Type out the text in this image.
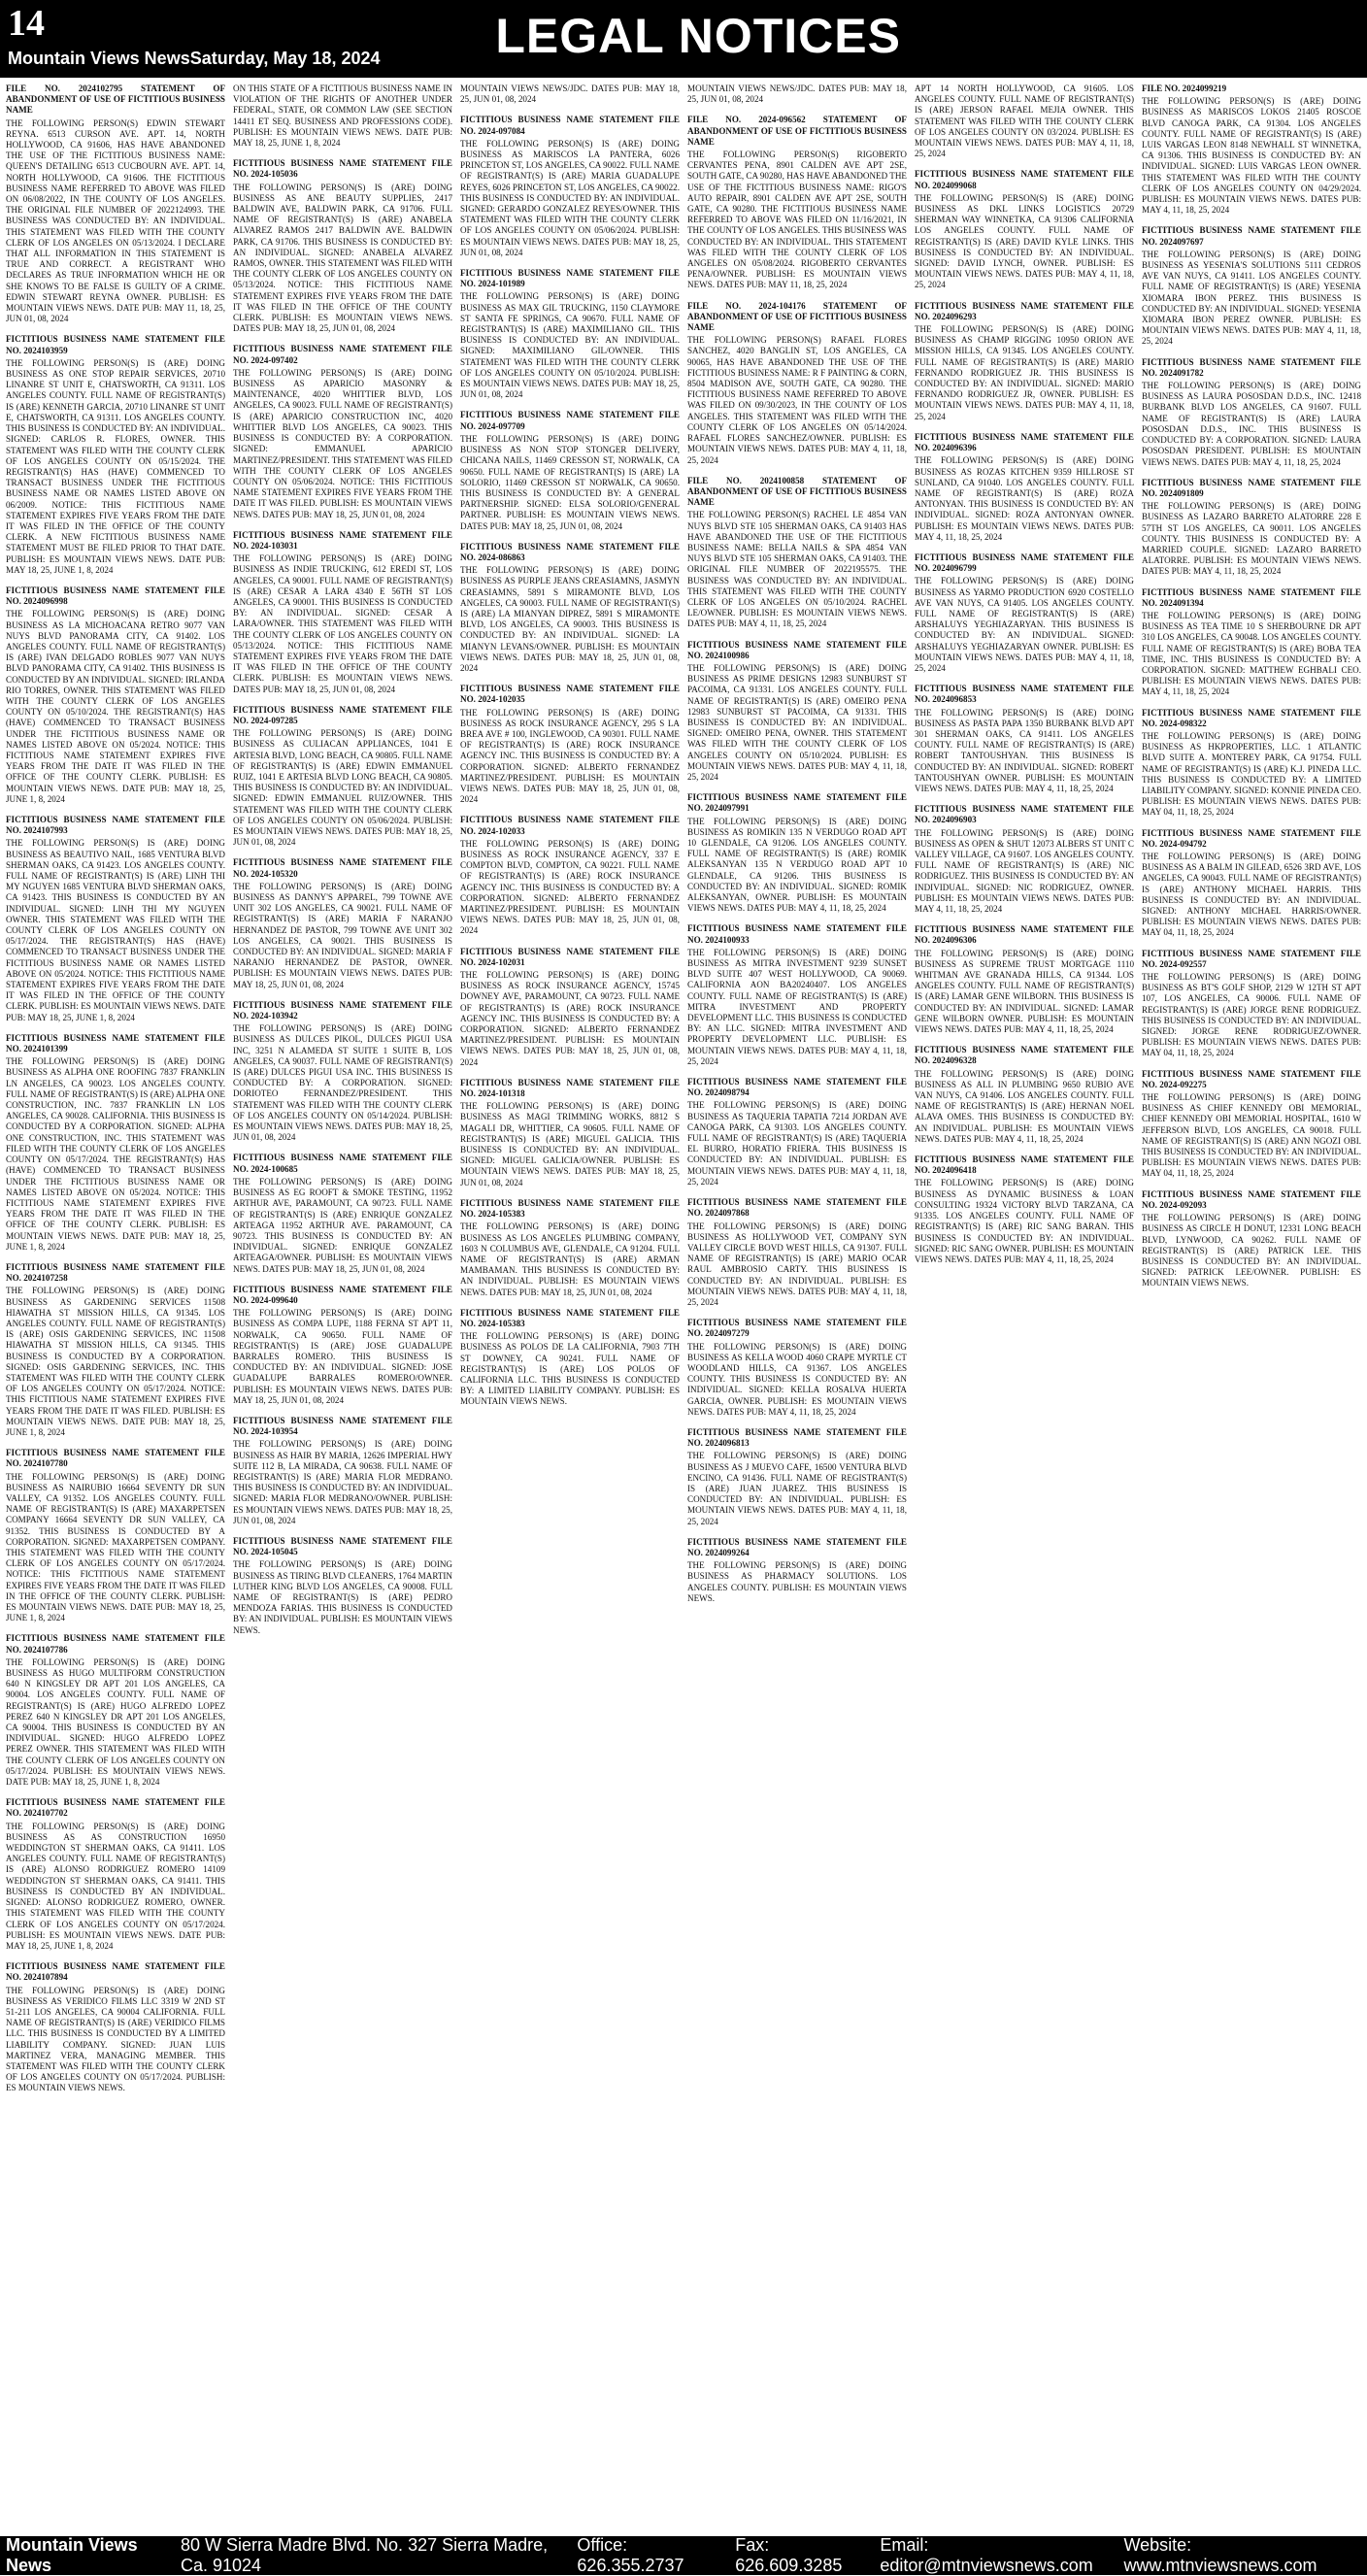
14
Mountain Views NewsSaturday, May 18, 2024 LEGAL NOTICES
FILE NO. 2024102795 STATEMENT OF ABANDONMENT OF USE OF FICTITIOUS BUSINESS NAME
THE FOLLOWING PERSON(S) EDWIN STEWART REYNA. 6513 CURSON AVE. APT. 14, NORTH HOLLYWOOD, CA 91606, HAS HAVE ABANDONED THE USE OF THE FICTITIOUS BUSINESS NAME: QUEEN'S DETAILING 6513 CUCBOURN AVE. APT. 14, NORTH HOLLYWOOD, CA 91606. THE FICTITIOUS BUSINESS NAME REFERRED TO ABOVE WAS FILED ON 06/08/2022, IN THE COUNTY OF LOS ANGELES. THE ORIGINAL FILE NUMBER OF 2022124993. THE BUSINESS WAS CONDUCTED BY: AN INDIVIDUAL. THIS STATEMENT WAS FILED WITH THE COUNTY CLERK OF LOS ANGELES ON 05/13/2024. I DECLARE THAT ALL INFORMATION IN THIS STATEMENT IS TRUE AND CORRECT. A REGISTRANT WHO DECLARES AS TRUE INFORMATION WHICH HE OR SHE KNOWS TO BE FALSE IS GUILTY OF A CRIME. EDWIN STEWART REYNA OWNER. PUBLISH: ES MOUNTAIN VIEWS NEWS. DATE PUB: MAY 11, 18, 25, JUN 01, 08, 2024
FICTITIOUS BUSINESS NAME STATEMENT FILE NO. 2024103959
THE FOLLOWING PERSON(S) IS (ARE) DOING BUSINESS AS ONE STOP REPAIR SERVICES, 20710 LINANRE ST UNIT E, CHATSWORTH, CA 91311. LOS ANGELES COUNTY. FULL NAME OF REGISTRANT(S) IS (ARE) KENNETH GARCIA, 20710 LINANRE ST UNIT E, CHATSWORTH, CA 91311. LOS ANGELES COUNTY. THIS BUSINESS IS CONDUCTED BY: AN INDIVIDUAL. SIGNED: CARLOS R. FLORES, OWNER. THIS STATEMENT WAS FILED WITH THE COUNTY CLERK OF LOS ANGELES COUNTY ON 05/15/2024. THE REGISTRANT(S) HAS (HAVE) COMMENCED TO TRANSACT BUSINESS UNDER THE FICTITIOUS BUSINESS NAME OR NAMES LISTED ABOVE ON 06/2009. NOTICE: THIS FICTITIOUS NAME STATEMENT EXPIRES FIVE YEARS FROM THE DATE IT WAS FILED IN THE OFFICE OF THE COUNTY CLERK. A NEW FICTITIOUS BUSINESS NAME STATEMENT MUST BE FILED PRIOR TO THAT DATE. PUBLISH: ES MOUNTAIN VIEWS NEWS. DATE PUB: MAY 18, 25, JUNE 1, 8, 2024
FICTITIOUS BUSINESS NAME STATEMENT FILE NO. 2024096998
THE FOLLOWING PERSON(S) IS (ARE) DOING BUSINESS AS LA MICHOACANA RETRO 9077 VAN NUYS BLVD PANORAMA CITY, CA 91402. LOS ANGELES COUNTY. FULL NAME OF REGISTRANT(S) IS (ARE) IVAN DELGADO ROBLES 9077 VAN NUYS BLVD PANORAMA CITY, CA 91402. THIS BUSINESS IS CONDUCTED BY AN INDIVIDUAL. SIGNED: IRLANDA RIO TORRES, OWNER. THIS STATEMENT WAS FILED WITH THE COUNTY CLERK OF LOS ANGELES COUNTY ON 05/10/2024. THE REGISTRANT(S) HAS (HAVE) COMMENCED TO TRANSACT BUSINESS UNDER THE FICTITIOUS BUSINESS NAME OR NAMES LISTED ABOVE ON 05/2024. NOTICE: THIS FICTITIOUS NAME STATEMENT EXPIRES FIVE YEARS FROM THE DATE IT WAS FILED IN THE OFFICE OF THE COUNTY CLERK. PUBLISH: ES MOUNTAIN VIEWS NEWS. DATE PUB: MAY 18, 25, JUNE 1, 8, 2024
FICTITIOUS BUSINESS NAME STATEMENT FILE NO. 2024107993
THE FOLLOWING PERSON(S) IS (ARE) DOING BUSINESS AS BEAUTIVO NAIL, 1685 VENTURA BLVD SHERMAN OAKS, CA 91423. LOS ANGELES COUNTY. FULL NAME OF REGISTRANT(S) IS (ARE) LINH THI MY NGUYEN 1685 VENTURA BLVD SHERMAN OAKS, CA 91423. THIS BUSINESS IS CONDUCTED BY AN INDIVIDUAL. SIGNED: LINH THI MY NGUYEN OWNER. THIS STATEMENT WAS FILED WITH THE COUNTY CLERK OF LOS ANGELES COUNTY ON 05/17/2024. THE REGISTRANT(S) HAS (HAVE) COMMENCED TO TRANSACT BUSINESS UNDER THE FICTITIOUS BUSINESS NAME OR NAMES LISTED ABOVE ON 05/2024. NOTICE: THIS FICTITIOUS NAME STATEMENT EXPIRES FIVE YEARS FROM THE DATE IT WAS FILED IN THE OFFICE OF THE COUNTY CLERK. PUBLISH: ES MOUNTAIN VIEWS NEWS. DATE PUB: MAY 18, 25, JUNE 1, 8, 2024
FICTITIOUS BUSINESS NAME STATEMENT FILE NO. 2024101399
THE FOLLOWING PERSON(S) IS (ARE) DOING BUSINESS AS ALPHA ONE ROOFING 7837 FRANKLIN LN ANGELES, CA 90023. LOS ANGELES COUNTY. FULL NAME OF REGISTRANT(S) IS (ARE) ALPHA ONE CONSTRUCTION, INC. 7837 FRANKLIN LN LOS ANGELES, CA 90028. CALIFORNIA. THIS BUSINESS IS CONDUCTED BY A CORPORATION. SIGNED: ALPHA ONE CONSTRUCTION, INC. THIS STATEMENT WAS FILED WITH THE COUNTY CLERK OF LOS ANGELES COUNTY ON 05/17/2024. THE REGISTRANT(S) HAS (HAVE) COMMENCED TO TRANSACT BUSINESS UNDER THE FICTITIOUS BUSINESS NAME OR NAMES LISTED ABOVE ON 05/2024. NOTICE: THIS FICTITIOUS NAME STATEMENT EXPIRES FIVE YEARS FROM THE DATE IT WAS FILED IN THE OFFICE OF THE COUNTY CLERK. PUBLISH: ES MOUNTAIN VIEWS NEWS. DATE PUB: MAY 18, 25, JUNE 1, 8, 2024
FICTITIOUS BUSINESS NAME STATEMENT FILE NO. 2024107258
THE FOLLOWING PERSON(S) IS (ARE) DOING BUSINESS AS GARDENING SERVICES 11508 HIAWATHA ST MISSION HILLS, CA 91345. LOS ANGELES COUNTY. FULL NAME OF REGISTRANT(S) IS (ARE) OSIS GARDENING SERVICES, INC 11508 HIAWATHA ST MISSION HILLS, CA 91345. THIS BUSINESS IS CONDUCTED BY A CORPORATION. SIGNED: OSIS GARDENING SERVICES, INC. THIS STATEMENT WAS FILED WITH THE COUNTY CLERK OF LOS ANGELES COUNTY ON 05/17/2024. NOTICE: THIS FICTITIOUS NAME STATEMENT EXPIRES FIVE YEARS FROM THE DATE IT WAS FILED. PUBLISH: ES MOUNTAIN VIEWS NEWS. DATE PUB: MAY 18, 25, JUNE 1, 8, 2024
FICTITIOUS BUSINESS NAME STATEMENT FILE NO. 2024107780
THE FOLLOWING PERSON(S) IS (ARE) DOING BUSINESS AS NAIRUBIO 16664 SEVENTY DR SUN VALLEY, CA 91352. LOS ANGELES COUNTY. FULL NAME OF REGISTRANT(S) IS (ARE) MAXARPETSEN COMPANY 16664 SEVENTY DR SUN VALLEY, CA 91352. THIS BUSINESS IS CONDUCTED BY A CORPORATION. SIGNED: MAXARPETSEN COMPANY. THIS STATEMENT WAS FILED WITH THE COUNTY CLERK OF LOS ANGELES COUNTY ON 05/17/2024. NOTICE: THIS FICTITIOUS NAME STATEMENT EXPIRES FIVE YEARS FROM THE DATE IT WAS FILED IN THE OFFICE OF THE COUNTY CLERK. PUBLISH: ES MOUNTAIN VIEWS NEWS. DATE PUB: MAY 18, 25, JUNE 1, 8, 2024
FICTITIOUS BUSINESS NAME STATEMENT FILE NO. 2024107786
THE FOLLOWING PERSON(S) IS (ARE) DOING BUSINESS AS HUGO MULTIFORM CONSTRUCTION 640 N KINGSLEY DR APT 201 LOS ANGELES, CA 90004. LOS ANGELES COUNTY. FULL NAME OF REGISTRANT(S) IS (ARE) HUGO ALFREDO LOPEZ PEREZ 640 N KINGSLEY DR APT 201 LOS ANGELES, CA 90004. THIS BUSINESS IS CONDUCTED BY AN INDIVIDUAL. SIGNED: HUGO ALFREDO LOPEZ PEREZ OWNER. THIS STATEMENT WAS FILED WITH THE COUNTY CLERK OF LOS ANGELES COUNTY ON 05/17/2024. PUBLISH: ES MOUNTAIN VIEWS NEWS. DATE PUB: MAY 18, 25, JUNE 1, 8, 2024
FICTITIOUS BUSINESS NAME STATEMENT FILE NO. 2024107702
THE FOLLOWING PERSON(S) IS (ARE) DOING BUSINESS AS AS CONSTRUCTION 16950 WEDDINGTON ST SHERMAN OAKS, CA 91411. LOS ANGELES COUNTY. FULL NAME OF REGISTRANT(S) IS (ARE) ALONSO RODRIGUEZ ROMERO 14109 WEDDINGTON ST SHERMAN OAKS, CA 91411. THIS BUSINESS IS CONDUCTED BY AN INDIVIDUAL. SIGNED: ALONSO RODRIGUEZ ROMERO, OWNER. THIS STATEMENT WAS FILED WITH THE COUNTY CLERK OF LOS ANGELES COUNTY ON 05/17/2024. PUBLISH: ES MOUNTAIN VIEWS NEWS. DATE PUB: MAY 18, 25, JUNE 1, 8, 2024
FICTITIOUS BUSINESS NAME STATEMENT FILE NO. 2024107894
THE FOLLOWING PERSON(S) IS (ARE) DOING BUSINESS AS VERIDICO FILMS LLC 3319 W 2ND ST 51-211 LOS ANGELES, CA 90004 CALIFORNIA. FULL NAME OF REGISTRANT(S) IS (ARE) VERIDICO FILMS LLC. THIS BUSINESS IS CONDUCTED BY A LIMITED LIABILITY COMPANY. SIGNED: JUAN LUIS MARTINEZ VERA, MANAGING MEMBER. THIS STATEMENT WAS FILED WITH THE COUNTY CLERK OF LOS ANGELES COUNTY ON 05/17/2024. PUBLISH: ES MOUNTAIN VIEWS NEWS.
ON THIS STATE OF A FICTITIOUS BUSINESS NAME IN VIOLATION OF THE RIGHTS OF ANOTHER UNDER FEDERAL, STATE, OR COMMON LAW (SEE SECTION 14411 ET SEQ. BUSINESS AND PROFESSIONS CODE). PUBLISH: ES MOUNTAIN VIEWS NEWS. DATE PUB: MAY 18, 25, JUNE 1, 8, 2024
FICTITIOUS BUSINESS NAME STATEMENT FILE NO. 2024-105036
THE FOLLOWING PERSON(S) IS (ARE) DOING BUSINESS AS ANE BEAUTY SUPPLIES, 2417 BALDWIN AVE, BALDWIN PARK, CA 91706. FULL NAME OF REGISTRANT(S) IS (ARE) ANABELA ALVAREZ RAMOS 2417 BALDWIN AVE. BALDWIN PARK, CA 91706. THIS BUSINESS IS CONDUCTED BY: AN INDIVIDUAL. SIGNED: ANABELA ALVAREZ RAMOS, OWNER. THIS STATEMENT WAS FILED WITH THE COUNTY CLERK OF LOS ANGELES COUNTY ON 05/13/2024. NOTICE: THIS FICTITIOUS NAME STATEMENT EXPIRES FIVE YEARS FROM THE DATE IT WAS FILED IN THE OFFICE OF THE COUNTY CLERK. PUBLISH: ES MOUNTAIN VIEWS NEWS. DATES PUB: MAY 18, 25, JUN 01, 08, 2024
FICTITIOUS BUSINESS NAME STATEMENT FILE NO. 2024-097402
THE FOLLOWING PERSON(S) IS (ARE) DOING BUSINESS AS APARICIO MASONRY & MAINTENANCE, 4020 WHITTIER BLVD, LOS ANGELES, CA 90023. FULL NAME OF REGISTRANT(S) IS (ARE) APARICIO CONSTRUCTION INC, 4020 WHITTIER BLVD LOS ANGELES, CA 90023. THIS BUSINESS IS CONDUCTED BY: A CORPORATION. SIGNED: EMMANUEL APARICIO MARTINEZ/PRESIDENT. THIS STATEMENT WAS FILED WITH THE COUNTY CLERK OF LOS ANGELES COUNTY ON 05/06/2024. NOTICE: THIS FICTITIOUS NAME STATEMENT EXPIRES FIVE YEARS FROM THE DATE IT WAS FILED. PUBLISH: ES MOUNTAIN VIEWS NEWS. DATES PUB: MAY 18, 25, JUN 01, 08, 2024
FICTITIOUS BUSINESS NAME STATEMENT FILE NO. 2024-103031
THE FOLLOWING PERSON(S) IS (ARE) DOING BUSINESS AS INDIE TRUCKING, 612 EREDI ST, LOS ANGELES, CA 90001. FULL NAME OF REGISTRANT(S) IS (ARE) CESAR A LARA 4340 E 56TH ST LOS ANGELES, CA 90001. THIS BUSINESS IS CONDUCTED BY: AN INDIVIDUAL. SIGNED: CESAR A LARA/OWNER. THIS STATEMENT WAS FILED WITH THE COUNTY CLERK OF LOS ANGELES COUNTY ON 05/13/2024. NOTICE: THIS FICTITIOUS NAME STATEMENT EXPIRES FIVE YEARS FROM THE DATE IT WAS FILED IN THE OFFICE OF THE COUNTY CLERK. PUBLISH: ES MOUNTAIN VIEWS NEWS. DATES PUB: MAY 18, 25, JUN 01, 08, 2024
FICTITIOUS BUSINESS NAME STATEMENT FILE NO. 2024-097285
THE FOLLOWING PERSON(S) IS (ARE) DOING BUSINESS AS CULIACAN APPLIANCES, 1041 E ARTESIA BLVD, LONG BEACH, CA 90805. FULL NAME OF REGISTRANT(S) IS (ARE) EDWIN EMMANUEL RUIZ, 1041 E ARTESIA BLVD LONG BEACH, CA 90805. THIS BUSINESS IS CONDUCTED BY: AN INDIVIDUAL. SIGNED: EDWIN EMMANUEL RUIZ/OWNER. THIS STATEMENT WAS FILED WITH THE COUNTY CLERK OF LOS ANGELES COUNTY ON 05/06/2024. PUBLISH: ES MOUNTAIN VIEWS NEWS. DATES PUB: MAY 18, 25, JUN 01, 08, 2024
FICTITIOUS BUSINESS NAME STATEMENT FILE NO. 2024-105320
THE FOLLOWING PERSON(S) IS (ARE) DOING BUSINESS AS DANNY'S APPAREL, 799 TOWNE AVE UNIT 302 LOS ANGELES, CA 90021. FULL NAME OF REGISTRANT(S) IS (ARE) MARIA F NARANJO HERNANDEZ DE PASTOR, 799 TOWNE AVE UNIT 302 LOS ANGELES, CA 90021. THIS BUSINESS IS CONDUCTED BY: AN INDIVIDUAL. SIGNED: MARIA F NARANJO HERNANDEZ DE PASTOR, OWNER. PUBLISH: ES MOUNTAIN VIEWS NEWS. DATES PUB: MAY 18, 25, JUN 01, 08, 2024
FICTITIOUS BUSINESS NAME STATEMENT FILE NO. 2024-103942
THE FOLLOWING PERSON(S) IS (ARE) DOING BUSINESS AS DULCES PIKOL, DULCES PIGUI USA INC, 3251 N ALAMEDA ST SUITE 1 SUITE B, LOS ANGELES, CA 90037. FULL NAME OF REGISTRANT(S) IS (ARE) DULCES PIGUI USA INC. THIS BUSINESS IS CONDUCTED BY: A CORPORATION. SIGNED: DORIOTEO FERNANDEZ/PRESIDENT. THIS STATEMENT WAS FILED WITH THE COUNTY CLERK OF LOS ANGELES COUNTY ON 05/14/2024. PUBLISH: ES MOUNTAIN VIEWS NEWS. DATES PUB: MAY 18, 25, JUN 01, 08, 2024
FICTITIOUS BUSINESS NAME STATEMENT FILE NO. 2024-100685
THE FOLLOWING PERSON(S) IS (ARE) DOING BUSINESS AS EG ROOFT & SMOKE TESTING, 11952 ARTHUR AVE, PARAMOUNT, CA 90723. FULL NAME OF REGISTRANT(S) IS (ARE) ENRIQUE GONZALEZ ARTEAGA 11952 ARTHUR AVE. PARAMOUNT, CA 90723. THIS BUSINESS IS CONDUCTED BY: AN INDIVIDUAL. SIGNED: ENRIQUE GONZALEZ ARTEAGA/OWNER. PUBLISH: ES MOUNTAIN VIEWS NEWS. DATES PUB: MAY 18, 25, JUN 01, 08, 2024
FICTITIOUS BUSINESS NAME STATEMENT FILE NO. 2024-099640
THE FOLLOWING PERSON(S) IS (ARE) DOING BUSINESS AS COMPA LUPE, 1188 FERNA ST APT 11, NORWALK, CA 90650. FULL NAME OF REGISTRANT(S) IS (ARE) JOSE GUADALUPE BARRALES ROMERO. THIS BUSINESS IS CONDUCTED BY: AN INDIVIDUAL. SIGNED: JOSE GUADALUPE BARRALES ROMERO/OWNER. PUBLISH: ES MOUNTAIN VIEWS NEWS. DATES PUB: MAY 18, 25, JUN 01, 08, 2024
FICTITIOUS BUSINESS NAME STATEMENT FILE NO. 2024-103954
THE FOLLOWING PERSON(S) IS (ARE) DOING BUSINESS AS HAIR BY MARIA, 12626 IMPERIAL HWY SUITE 112 B, LA MIRADA, CA 90638. FULL NAME OF REGISTRANT(S) IS (ARE) MARIA FLOR MEDRANO. THIS BUSINESS IS CONDUCTED BY: AN INDIVIDUAL. SIGNED: MARIA FLOR MEDRANO/OWNER. PUBLISH: ES MOUNTAIN VIEWS NEWS. DATES PUB: MAY 18, 25, JUN 01, 08, 2024
FICTITIOUS BUSINESS NAME STATEMENT FILE NO. 2024-105045
THE FOLLOWING PERSON(S) IS (ARE) DOING BUSINESS AS TIRING BLVD CLEANERS, 1764 MARTIN LUTHER KING BLVD LOS ANGELES, CA 90008. FULL NAME OF REGISTRANT(S) IS (ARE) PEDRO MENDOZA FARIAS. THIS BUSINESS IS CONDUCTED BY: AN INDIVIDUAL. PUBLISH: ES MOUNTAIN VIEWS NEWS.
MOUNTAIN VIEWS NEWS/JDC. DATES PUB: MAY 18, 25, JUN 01, 08, 2024
FICTITIOUS BUSINESS NAME STATEMENT FILE NO. 2024-097084
THE FOLLOWING PERSON(S) IS (ARE) DOING BUSINESS AS MARISCOS LA PANTERA, 6026 PRINCETON ST, LOS ANGELES, CA 90022. FULL NAME OF REGISTRANT(S) IS (ARE) MARIA GUADALUPE REYES, 6026 PRINCETON ST, LOS ANGELES, CA 90022. THIS BUSINESS IS CONDUCTED BY: AN INDIVIDUAL. SIGNED: GERARDO GONZALEZ REYES/OWNER. THIS STATEMENT WAS FILED WITH THE COUNTY CLERK OF LOS ANGELES COUNTY ON 05/06/2024. PUBLISH: ES MOUNTAIN VIEWS NEWS. DATES PUB: MAY 18, 25, JUN 01, 08, 2024
FICTITIOUS BUSINESS NAME STATEMENT FILE NO. 2024-101989
THE FOLLOWING PERSON(S) IS (ARE) DOING BUSINESS AS MAX GIL TRUCKING, 1150 CLAYMORE ST SANTA FE SPRINGS, CA 90670. FULL NAME OF REGISTRANT(S) IS (ARE) MAXIMILIANO GIL. THIS BUSINESS IS CONDUCTED BY: AN INDIVIDUAL. SIGNED: MAXIMILIANO GIL/OWNER. THIS STATEMENT WAS FILED WITH THE COUNTY CLERK OF LOS ANGELES COUNTY ON 05/10/2024. PUBLISH: ES MOUNTAIN VIEWS NEWS. DATES PUB: MAY 18, 25, JUN 01, 08, 2024
FICTITIOUS BUSINESS NAME STATEMENT FILE NO. 2024-097709
THE FOLLOWING PERSON(S) IS (ARE) DOING BUSINESS AS NON STOP STONGER DELIVERY, CHICANA NAILS, 11469 CRESSON ST, NORWALK, CA 90650. FULL NAME OF REGISTRANT(S) IS (ARE) LA SOLORIO, 11469 CRESSON ST NORWALK, CA 90650. THIS BUSINESS IS CONDUCTED BY: A GENERAL PARTNERSHIP. SIGNED: ELSA SOLORIO/GENERAL PARTNER. PUBLISH: ES MOUNTAIN VIEWS NEWS. DATES PUB: MAY 18, 25, JUN 01, 08, 2024
FICTITIOUS BUSINESS NAME STATEMENT FILE NO. 2024-086863
THE FOLLOWING PERSON(S) IS (ARE) DOING BUSINESS AS PURPLE JEANS CREASIAMNS, JASMYN CREASIAMNS, 5891 S MIRAMONTE BLVD, LOS ANGELES, CA 90003. FULL NAME OF REGISTRANT(S) IS (ARE) LA MIANYAN DIPREZ, 5891 S MIRAMONTE BLVD, LOS ANGELES, CA 90003. THIS BUSINESS IS CONDUCTED BY: AN INDIVIDUAL. SIGNED: LA MIANYN LEVANS/OWNER. PUBLISH: ES MOUNTAIN VIEWS NEWS. DATES PUB: MAY 18, 25, JUN 01, 08, 2024
FICTITIOUS BUSINESS NAME STATEMENT FILE NO. 2024-102035
THE FOLLOWING PERSON(S) IS (ARE) DOING BUSINESS AS ROCK INSURANCE AGENCY, 295 S LA BREA AVE # 100, INGLEWOOD, CA 90301. FULL NAME OF REGISTRANT(S) IS (ARE) ROCK INSURANCE AGENCY INC. THIS BUSINESS IS CONDUCTED BY: A CORPORATION. SIGNED: ALBERTO FERNANDEZ MARTINEZ/PRESIDENT. PUBLISH: ES MOUNTAIN VIEWS NEWS. DATES PUB: MAY 18, 25, JUN 01, 08, 2024
FICTITIOUS BUSINESS NAME STATEMENT FILE NO. 2024-102033
THE FOLLOWING PERSON(S) IS (ARE) DOING BUSINESS AS ROCK INSURANCE AGENCY, 337 E COMPTON BLVD, COMPTON, CA 90221. FULL NAME OF REGISTRANT(S) IS (ARE) ROCK INSURANCE AGENCY INC. THIS BUSINESS IS CONDUCTED BY: A CORPORATION. SIGNED: ALBERTO FERNANDEZ MARTINEZ/PRESIDENT. PUBLISH: ES MOUNTAIN VIEWS NEWS. DATES PUB: MAY 18, 25, JUN 01, 08, 2024
FICTITIOUS BUSINESS NAME STATEMENT FILE NO. 2024-102031
THE FOLLOWING PERSON(S) IS (ARE) DOING BUSINESS AS ROCK INSURANCE AGENCY, 15745 DOWNEY AVE, PARAMOUNT, CA 90723. FULL NAME OF REGISTRANT(S) IS (ARE) ROCK INSURANCE AGENCY INC. THIS BUSINESS IS CONDUCTED BY: A CORPORATION. SIGNED: ALBERTO FERNANDEZ MARTINEZ/PRESIDENT. PUBLISH: ES MOUNTAIN VIEWS NEWS. DATES PUB: MAY 18, 25, JUN 01, 08, 2024
FICTITIOUS BUSINESS NAME STATEMENT FILE NO. 2024-101318
THE FOLLOWING PERSON(S) IS (ARE) DOING BUSINESS AS MAGI TRIMMING WORKS, 8812 S MAGALI DR, WHITTIER, CA 90605. FULL NAME OF REGISTRANT(S) IS (ARE) MIGUEL GALICIA. THIS BUSINESS IS CONDUCTED BY: AN INDIVIDUAL. SIGNED: MIGUEL GALICIA/OWNER. PUBLISH: ES MOUNTAIN VIEWS NEWS. DATES PUB: MAY 18, 25, JUN 01, 08, 2024
FICTITIOUS BUSINESS NAME STATEMENT FILE NO. 2024-105383
THE FOLLOWING PERSON(S) IS (ARE) DOING BUSINESS AS LOS ANGELES PLUMBING COMPANY, 1603 N COLUMBUS AVE, GLENDALE, CA 91204. FULL NAME OF REGISTRANT(S) IS (ARE) ARMAN MAMBAMAN. THIS BUSINESS IS CONDUCTED BY: AN INDIVIDUAL. PUBLISH: ES MOUNTAIN VIEWS NEWS. DATES PUB: MAY 18, 25, JUN 01, 08, 2024
FICTITIOUS BUSINESS NAME STATEMENT FILE NO. 2024-105383
THE FOLLOWING PERSON(S) IS (ARE) DOING BUSINESS AS POLOS DE LA CALIFORNIA, 7903 7TH ST DOWNEY, CA 90241. FULL NAME OF REGISTRANT(S) IS (ARE) LOS POLOS OF CALIFORNIA LLC. THIS BUSINESS IS CONDUCTED BY: A LIMITED LIABILITY COMPANY. PUBLISH: ES MOUNTAIN VIEWS NEWS.
MOUNTAIN VIEWS NEWS/JDC. DATES PUB: MAY 18, 25, JUN 01, 08, 2024
FILE NO. 2024-096562 STATEMENT OF ABANDONMENT OF USE OF FICTITIOUS BUSINESS NAME
THE FOLLOWING PERSON(S) RIGOBERTO CERVANTES PENA, 8901 CALDEN AVE APT 2SE, SOUTH GATE, CA 90280, HAS HAVE ABANDONED THE USE OF THE FICTITIOUS BUSINESS NAME: RIGO'S AUTO REPAIR, 8901 CALDEN AVE APT 2SE, SOUTH GATE, CA 90280. THE FICTITIOUS BUSINESS NAME REFERRED TO ABOVE WAS FILED ON 11/16/2021, IN THE COUNTY OF LOS ANGELES. THIS BUSINESS WAS CONDUCTED BY: AN INDIVIDUAL. THIS STATEMENT WAS FILED WITH THE COUNTY CLERK OF LOS ANGELES ON 05/08/2024. RIGOBERTO CERVANTES PENA/OWNER. PUBLISH: ES MOUNTAIN VIEWS NEWS. DATES PUB: MAY 11, 18, 25, 2024
FILE NO. 2024-104176 STATEMENT OF ABANDONMENT OF USE OF FICTITIOUS BUSINESS NAME
THE FOLLOWING PERSON(S) RAFAEL FLORES SANCHEZ, 4020 BANGLIN ST, LOS ANGELES, CA 90065, HAS HAVE ABANDONED THE USE OF THE FICTITIOUS BUSINESS NAME: R F PAINTING & CORN, 8504 MADISON AVE, SOUTH GATE, CA 90280. THE FICTITIOUS BUSINESS NAME REFERRED TO ABOVE WAS FILED ON 09/30/2023, IN THE COUNTY OF LOS ANGELES. THIS STATEMENT WAS FILED WITH THE COUNTY CLERK OF LOS ANGELES ON 05/14/2024. RAFAEL FLORES SANCHEZ/OWNER. PUBLISH: ES MOUNTAIN VIEWS NEWS. DATES PUB: MAY 4, 11, 18, 25, 2024
FILE NO. 2024100858 STATEMENT OF ABANDONMENT OF USE OF FICTITIOUS BUSINESS NAME
THE FOLLOWING PERSON(S) RACHEL LE 4854 VAN NUYS BLVD STE 105 SHERMAN OAKS, CA 91403 HAS HAVE ABANDONED THE USE OF THE FICTITIOUS BUSINESS NAME: BELLA NAILS & SPA 4854 VAN NUYS BLVD STE 105 SHERMAN OAKS, CA 91403. THE ORIGINAL FILE NUMBER OF 2022195575. THE BUSINESS WAS CONDUCTED BY: AN INDIVIDUAL. THIS STATEMENT WAS FILED WITH THE COUNTY CLERK OF LOS ANGELES ON 05/10/2024. RACHEL LE/OWNER. PUBLISH: ES MOUNTAIN VIEWS NEWS. DATES PUB: MAY 4, 11, 18, 25, 2024
FICTITIOUS BUSINESS NAME STATEMENT FILE NO. 2024100986
THE FOLLOWING PERSON(S) IS (ARE) DOING BUSINESS AS PRIME DESIGNS 12983 SUNBURST ST PACOIMA, CA 91331. LOS ANGELES COUNTY. FULL NAME OF REGISTRANT(S) IS (ARE) OMEIRO PENA 12983 SUNBURST ST PACOIMA, CA 91331. THIS BUSINESS IS CONDUCTED BY: AN INDIVIDUAL. SIGNED: OMEIRO PENA, OWNER. THIS STATEMENT WAS FILED WITH THE COUNTY CLERK OF LOS ANGELES COUNTY ON 05/10/2024. PUBLISH: ES MOUNTAIN VIEWS NEWS. DATES PUB: MAY 4, 11, 18, 25, 2024
FICTITIOUS BUSINESS NAME STATEMENT FILE NO. 2024097991
THE FOLLOWING PERSON(S) IS (ARE) DOING BUSINESS AS ROMIKIN 135 N VERDUGO ROAD APT 10 GLENDALE, CA 91206. LOS ANGELES COUNTY. FULL NAME OF REGISTRANT(S) IS (ARE) ROMIK ALEKSANYAN 135 N VERDUGO ROAD APT 10 GLENDALE, CA 91206. THIS BUSINESS IS CONDUCTED BY: AN INDIVIDUAL. SIGNED: ROMIK ALEKSANYAN, OWNER. PUBLISH: ES MOUNTAIN VIEWS NEWS. DATES PUB: MAY 4, 11, 18, 25, 2024
FICTITIOUS BUSINESS NAME STATEMENT FILE NO. 2024100933
THE FOLLOWING PERSON(S) IS (ARE) DOING BUSINESS AS MITRA INVESTMENT 9239 SUNSET BLVD SUITE 407 WEST HOLLYWOOD, CA 90069. CALIFORNIA AON BA20240407. LOS ANGELES COUNTY. FULL NAME OF REGISTRANT(S) IS (ARE) MITRA INVESTMENT AND PROPERTY DEVELOPMENT LLC. THIS BUSINESS IS CONDUCTED BY: AN LLC. SIGNED: MITRA INVESTMENT AND PROPERTY DEVELOPMENT LLC. PUBLISH: ES MOUNTAIN VIEWS NEWS. DATES PUB: MAY 4, 11, 18, 25, 2024
FICTITIOUS BUSINESS NAME STATEMENT FILE NO. 2024098794
THE FOLLOWING PERSON(S) IS (ARE) DOING BUSINESS AS TAQUERIA TAPATIA 7214 JORDAN AVE CANOGA PARK, CA 91303. LOS ANGELES COUNTY. FULL NAME OF REGISTRANT(S) IS (ARE) TAQUERIA EL BURRO, HORATIO FRIERA. THIS BUSINESS IS CONDUCTED BY: AN INDIVIDUAL. PUBLISH: ES MOUNTAIN VIEWS NEWS. DATES PUB: MAY 4, 11, 18, 25, 2024
FICTITIOUS BUSINESS NAME STATEMENT FILE NO. 2024097868
THE FOLLOWING PERSON(S) IS (ARE) DOING BUSINESS AS HOLLYWOOD VET, COMPANY SYN VALLEY CIRCLE BOVD WEST HILLS, CA 91307. FULL NAME OF REGISTRANT(S) IS (ARE) MARIO OCAR RAUL AMBROSIO CARTY. THIS BUSINESS IS CONDUCTED BY: AN INDIVIDUAL. PUBLISH: ES MOUNTAIN VIEWS NEWS. DATES PUB: MAY 4, 11, 18, 25, 2024
FICTITIOUS BUSINESS NAME STATEMENT FILE NO. 2024097279
THE FOLLOWING PERSON(S) IS (ARE) DOING BUSINESS AS KELLA WOOD 4060 CRAPE MYRTLE CT WOODLAND HILLS, CA 91367. LOS ANGELES COUNTY. THIS BUSINESS IS CONDUCTED BY: AN INDIVIDUAL. SIGNED: KELLA ROSALVA HUERTA GARCIA, OWNER. PUBLISH: ES MOUNTAIN VIEWS NEWS. DATES PUB: MAY 4, 11, 18, 25, 2024
FICTITIOUS BUSINESS NAME STATEMENT FILE NO. 2024096813
THE FOLLOWING PERSON(S) IS (ARE) DOING BUSINESS AS J MUEVO CAFE, 16500 VENTURA BLVD ENCINO, CA 91436. FULL NAME OF REGISTRANT(S) IS (ARE) JUAN JUAREZ. THIS BUSINESS IS CONDUCTED BY: AN INDIVIDUAL. PUBLISH: ES MOUNTAIN VIEWS NEWS. DATES PUB: MAY 4, 11, 18, 25, 2024
FICTITIOUS BUSINESS NAME STATEMENT FILE NO. 2024099264
THE FOLLOWING PERSON(S) IS (ARE) DOING BUSINESS AS PHARMACY SOLUTIONS. LOS ANGELES COUNTY. PUBLISH: ES MOUNTAIN VIEWS NEWS.
APT 14 NORTH HOLLYWOOD, CA 91605. LOS ANGELES COUNTY. FULL NAME OF REGISTRANT(S) IS (ARE) JERSON RAFAEL MEJIA OWNER. THIS STATEMENT WAS FILED WITH THE COUNTY CLERK OF LOS ANGELES COUNTY ON 03/2024. PUBLISH: ES MOUNTAIN VIEWS NEWS. DATES PUB: MAY 4, 11, 18, 25, 2024
FICTITIOUS BUSINESS NAME STATEMENT FILE NO. 2024099068
THE FOLLOWING PERSON(S) IS (ARE) DOING BUSINESS AS DKL LINKS LOGISTICS 20729 SHERMAN WAY WINNETKA, CA 91306 CALIFORNIA LOS ANGELES COUNTY. FULL NAME OF REGISTRANT(S) IS (ARE) DAVID KYLE LINKS. THIS BUSINESS IS CONDUCTED BY: AN INDIVIDUAL. SIGNED: DAVID LYNCH, OWNER. PUBLISH: ES MOUNTAIN VIEWS NEWS. DATES PUB: MAY 4, 11, 18, 25, 2024
FICTITIOUS BUSINESS NAME STATEMENT FILE NO. 2024096293
THE FOLLOWING PERSON(S) IS (ARE) DOING BUSINESS AS CHAMP RIGGING 10950 ORION AVE MISSION HILLS, CA 91345. LOS ANGELES COUNTY. FULL NAME OF REGISTRANT(S) IS (ARE) MARIO FERNANDO RODRIGUEZ JR. THIS BUSINESS IS CONDUCTED BY: AN INDIVIDUAL. SIGNED: MARIO FERNANDO RODRIGUEZ JR, OWNER. PUBLISH: ES MOUNTAIN VIEWS NEWS. DATES PUB: MAY 4, 11, 18, 25, 2024
FICTITIOUS BUSINESS NAME STATEMENT FILE NO. 2024096396
THE FOLLOWING PERSON(S) IS (ARE) DOING BUSINESS AS ROZAS KITCHEN 9359 HILLROSE ST SUNLAND, CA 91040. LOS ANGELES COUNTY. FULL NAME OF REGISTRANT(S) IS (ARE) ROZA ANTONYAN. THIS BUSINESS IS CONDUCTED BY: AN INDIVIDUAL. SIGNED: ROZA ANTONYAN OWNER. PUBLISH: ES MOUNTAIN VIEWS NEWS. DATES PUB: MAY 4, 11, 18, 25, 2024
FICTITIOUS BUSINESS NAME STATEMENT FILE NO. 2024096799
THE FOLLOWING PERSON(S) IS (ARE) DOING BUSINESS AS YARMO PRODUCTION 6920 COSTELLO AVE VAN NUYS, CA 91405. LOS ANGELES COUNTY. FULL NAME OF REGISTRANT(S) IS (ARE) ARSHALUYS YEGHIAZARYAN. THIS BUSINESS IS CONDUCTED BY: AN INDIVIDUAL. SIGNED: ARSHALUYS YEGHIAZARYAN OWNER. PUBLISH: ES MOUNTAIN VIEWS NEWS. DATES PUB: MAY 4, 11, 18, 25, 2024
FICTITIOUS BUSINESS NAME STATEMENT FILE NO. 2024096853
THE FOLLOWING PERSON(S) IS (ARE) DOING BUSINESS AS PASTA PAPA 1350 BURBANK BLVD APT 301 SHERMAN OAKS, CA 91411. LOS ANGELES COUNTY. FULL NAME OF REGISTRANT(S) IS (ARE) ROBERT TANTOUSHYAN. THIS BUSINESS IS CONDUCTED BY: AN INDIVIDUAL. SIGNED: ROBERT TANTOUSHYAN OWNER. PUBLISH: ES MOUNTAIN VIEWS NEWS. DATES PUB: MAY 4, 11, 18, 25, 2024
FICTITIOUS BUSINESS NAME STATEMENT FILE NO. 2024096903
THE FOLLOWING PERSON(S) IS (ARE) DOING BUSINESS AS OPEN & SHUT 12073 ALBERS ST UNIT C VALLEY VILLAGE, CA 91607. LOS ANGELES COUNTY. FULL NAME OF REGISTRANT(S) IS (ARE) NIC RODRIGUEZ. THIS BUSINESS IS CONDUCTED BY: AN INDIVIDUAL. SIGNED: NIC RODRIGUEZ, OWNER. PUBLISH: ES MOUNTAIN VIEWS NEWS. DATES PUB: MAY 4, 11, 18, 25, 2024
FICTITIOUS BUSINESS NAME STATEMENT FILE NO. 2024096306
THE FOLLOWING PERSON(S) IS (ARE) DOING BUSINESS AS SUPREME TRUST MORTGAGE 1110 WHITMAN AVE GRANADA HILLS, CA 91344. LOS ANGELES COUNTY. FULL NAME OF REGISTRANT(S) IS (ARE) LAMAR GENE WILBORN. THIS BUSINESS IS CONDUCTED BY: AN INDIVIDUAL. SIGNED: LAMAR GENE WILBORN OWNER. PUBLISH: ES MOUNTAIN VIEWS NEWS. DATES PUB: MAY 4, 11, 18, 25, 2024
FICTITIOUS BUSINESS NAME STATEMENT FILE NO. 2024096328
THE FOLLOWING PERSON(S) IS (ARE) DOING BUSINESS AS ALL IN PLUMBING 9650 RUBIO AVE VAN NUYS, CA 91406. LOS ANGELES COUNTY. FULL NAME OF REGISTRANT(S) IS (ARE) HERNAN NOEL ALAVA OMES. THIS BUSINESS IS CONDUCTED BY: AN INDIVIDUAL. PUBLISH: ES MOUNTAIN VIEWS NEWS. DATES PUB: MAY 4, 11, 18, 25, 2024
FICTITIOUS BUSINESS NAME STATEMENT FILE NO. 2024096418
THE FOLLOWING PERSON(S) IS (ARE) DOING BUSINESS AS DYNAMIC BUSINESS & LOAN CONSULTING 19324 VICTORY BLVD TARZANA, CA 91335. LOS ANGELES COUNTY. FULL NAME OF REGISTRANT(S) IS (ARE) RIC SANG BARAN. THIS BUSINESS IS CONDUCTED BY: AN INDIVIDUAL. SIGNED: RIC SANG OWNER. PUBLISH: ES MOUNTAIN VIEWS NEWS. DATES PUB: MAY 4, 11, 18, 25, 2024
FILE NO. 2024099219
THE FOLLOWING PERSON(S) IS (ARE) DOING BUSINESS AS MARISCOS LOKOS 21405 ROSCOE BLVD CANOGA PARK, CA 91304. LOS ANGELES COUNTY. FULL NAME OF REGISTRANT(S) IS (ARE) LUIS VARGAS LEON 8148 NEWHALL ST WINNETKA, CA 91306. THIS BUSINESS IS CONDUCTED BY: AN INDIVIDUAL. SIGNED: LUIS VARGAS LEON OWNER. THIS STATEMENT WAS FILED WITH THE COUNTY CLERK OF LOS ANGELES COUNTY ON 04/29/2024. PUBLISH: ES MOUNTAIN VIEWS NEWS. DATES PUB: MAY 4, 11, 18, 25, 2024
FICTITIOUS BUSINESS NAME STATEMENT FILE NO. 2024097697
THE FOLLOWING PERSON(S) IS (ARE) DOING BUSINESS AS YESENIA'S SOLUTIONS 5111 CEDROS AVE VAN NUYS, CA 91411. LOS ANGELES COUNTY. FULL NAME OF REGISTRANT(S) IS (ARE) YESENIA XIOMARA IBON PEREZ. THIS BUSINESS IS CONDUCTED BY: AN INDIVIDUAL. SIGNED: YESENIA XIOMARA IBON PEREZ OWNER. PUBLISH: ES MOUNTAIN VIEWS NEWS. DATES PUB: MAY 4, 11, 18, 25, 2024
FICTITIOUS BUSINESS NAME STATEMENT FILE NO. 2024091782
THE FOLLOWING PERSON(S) IS (ARE) DOING BUSINESS AS LAURA POSOSDAN D.D.S., INC. 12418 BURBANK BLVD LOS ANGELES, CA 91607. FULL NAME OF REGISTRANT(S) IS (ARE) LAURA POSOSDAN D.D.S., INC. THIS BUSINESS IS CONDUCTED BY: A CORPORATION. SIGNED: LAURA POSOSDAN PRESIDENT. PUBLISH: ES MOUNTAIN VIEWS NEWS. DATES PUB: MAY 4, 11, 18, 25, 2024
FICTITIOUS BUSINESS NAME STATEMENT FILE NO. 2024091809
THE FOLLOWING PERSON(S) IS (ARE) DOING BUSINESS AS LAZARO BARRETO ALATORRE 228 E 57TH ST LOS ANGELES, CA 90011. LOS ANGELES COUNTY. THIS BUSINESS IS CONDUCTED BY: A MARRIED COUPLE. SIGNED: LAZARO BARRETO ALATORRE. PUBLISH: ES MOUNTAIN VIEWS NEWS. DATES PUB: MAY 4, 11, 18, 25, 2024
FICTITIOUS BUSINESS NAME STATEMENT FILE NO. 2024091394
THE FOLLOWING PERSON(S) IS (ARE) DOING BUSINESS AS TEA TIME 10 S SHERBOURNE DR APT 310 LOS ANGELES, CA 90048. LOS ANGELES COUNTY. FULL NAME OF REGISTRANT(S) IS (ARE) BOBA TEA TIME, INC. THIS BUSINESS IS CONDUCTED BY: A CORPORATION. SIGNED: MATTHEW EGHBALI CEO. PUBLISH: ES MOUNTAIN VIEWS NEWS. DATES PUB: MAY 4, 11, 18, 25, 2024
FICTITIOUS BUSINESS NAME STATEMENT FILE NO. 2024-098322
THE FOLLOWING PERSON(S) IS (ARE) DOING BUSINESS AS HKPROPERTIES, LLC. 1 ATLANTIC BLVD SUITE A. MONTEREY PARK, CA 91754. FULL NAME OF REGISTRANT(S) IS (ARE) K.J. PINEDA LLC. THIS BUSINESS IS CONDUCTED BY: A LIMITED LIABILITY COMPANY. SIGNED: KONNIE PINEDA CEO. PUBLISH: ES MOUNTAIN VIEWS NEWS. DATES PUB: MAY 04, 11, 18, 25, 2024
FICTITIOUS BUSINESS NAME STATEMENT FILE NO. 2024-094792
THE FOLLOWING PERSON(S) IS (ARE) DOING BUSINESS AS A BALM IN GILEAD, 6526 3RD AVE, LOS ANGELES, CA 90043. FULL NAME OF REGISTRANT(S) IS (ARE) ANTHONY MICHAEL HARRIS. THIS BUSINESS IS CONDUCTED BY: AN INDIVIDUAL. SIGNED: ANTHONY MICHAEL HARRIS/OWNER. PUBLISH: ES MOUNTAIN VIEWS NEWS. DATES PUB: MAY 04, 11, 18, 25, 2024
FICTITIOUS BUSINESS NAME STATEMENT FILE NO. 2024-092557
THE FOLLOWING PERSON(S) IS (ARE) DOING BUSINESS AS BT'S GOLF SHOP, 2129 W 12TH ST APT 107, LOS ANGELES, CA 90006. FULL NAME OF REGISTRANT(S) IS (ARE) JORGE RENE RODRIGUEZ. THIS BUSINESS IS CONDUCTED BY: AN INDIVIDUAL. SIGNED: JORGE RENE RODRIGUEZ/OWNER. PUBLISH: ES MOUNTAIN VIEWS NEWS. DATES PUB: MAY 04, 11, 18, 25, 2024
FICTITIOUS BUSINESS NAME STATEMENT FILE NO. 2024-092275
THE FOLLOWING PERSON(S) IS (ARE) DOING BUSINESS AS CHIEF KENNEDY OBI MEMORIAL, CHIEF KENNEDY OBI MEMORIAL HOSPITAL, 1610 W JEFFERSON BLVD, LOS ANGELES, CA 90018. FULL NAME OF REGISTRANT(S) IS (ARE) ANN NGOZI OBI. THIS BUSINESS IS CONDUCTED BY: AN INDIVIDUAL. PUBLISH: ES MOUNTAIN VIEWS NEWS. DATES PUB: MAY 04, 11, 18, 25, 2024
FICTITIOUS BUSINESS NAME STATEMENT FILE NO. 2024-092093
THE FOLLOWING PERSON(S) IS (ARE) DOING BUSINESS AS CIRCLE H DONUT, 12331 LONG BEACH BLVD, LYNWOOD, CA 90262. FULL NAME OF REGISTRANT(S) IS (ARE) PATRICK LEE. THIS BUSINESS IS CONDUCTED BY: AN INDIVIDUAL. SIGNED: PATRICK LEE/OWNER. PUBLISH: ES MOUNTAIN VIEWS NEWS.
Mountain Views News
80 W Sierra Madre Blvd. No. 327 Sierra Madre, Ca. 91024
Office: 626.355.2737
Fax: 626.609.3285
Email: editor@mtnviewsnews.com
Website: www.mtnviewsnews.com
